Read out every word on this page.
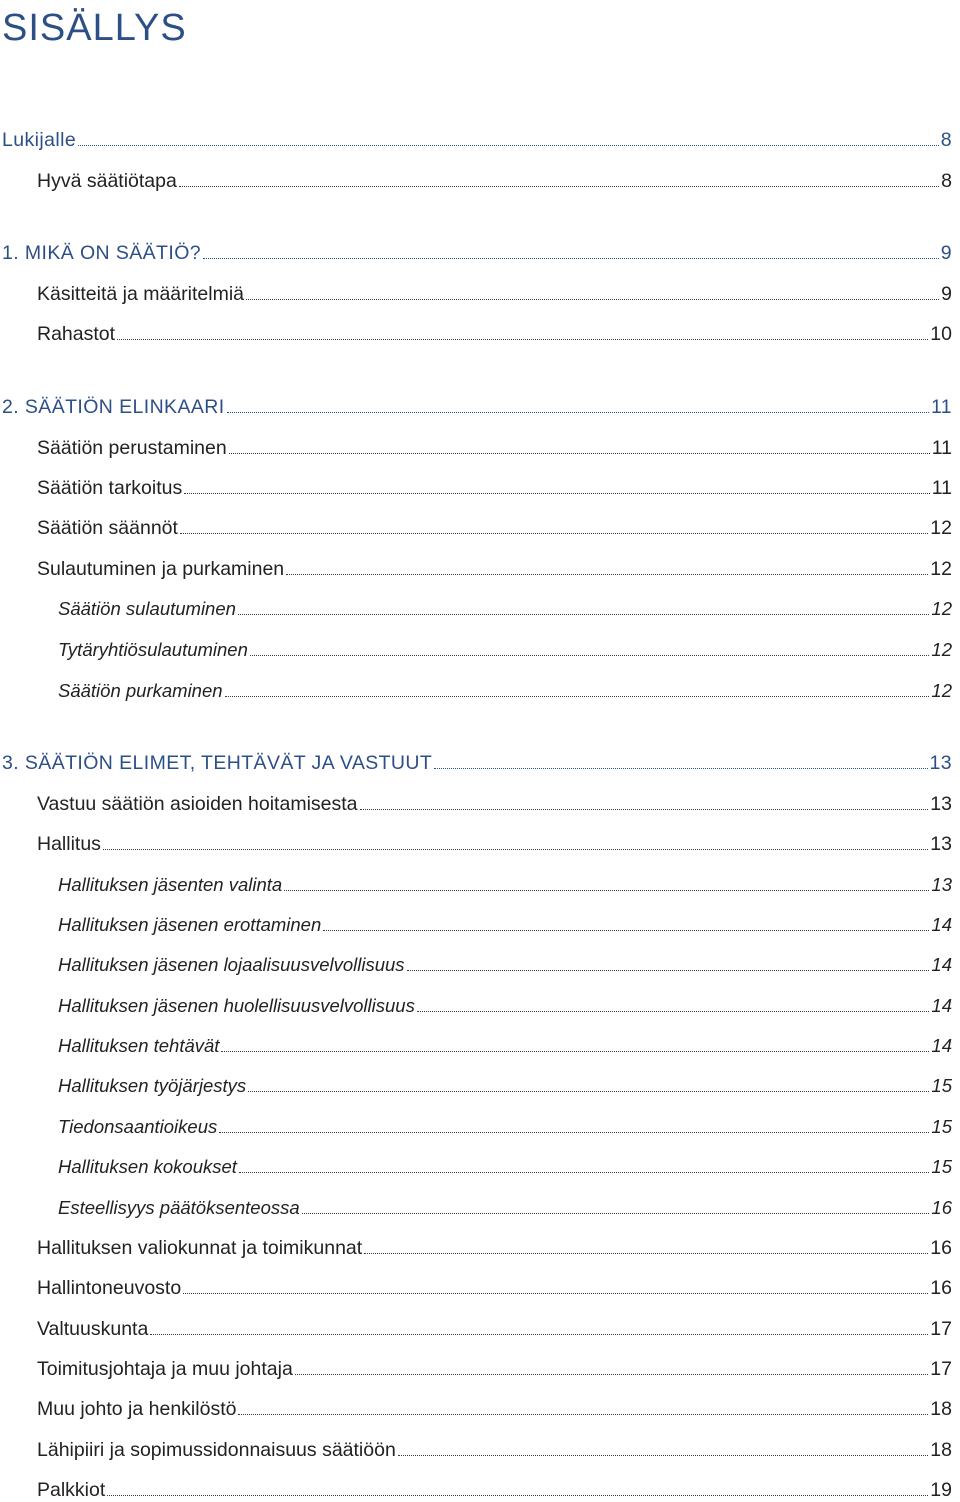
SISÄLLYS
Lukijalle	8
Hyvä säätiötapa	8
1. MIKÄ ON SÄÄTIÖ?	9
Käsitteitä ja määritelmiä	9
Rahastot	10
2. SÄÄTIÖN ELINKAARI	11
Säätiön perustaminen	11
Säätiön tarkoitus	11
Säätiön säännöt	12
Sulautuminen ja purkaminen	12
Säätiön sulautuminen	12
Tytäryhtiösulautuminen	12
Säätiön purkaminen	12
3. SÄÄTIÖN ELIMET, TEHTÄVÄT JA VASTUUT	13
Vastuu säätiön asioiden hoitamisesta	13
Hallitus	13
Hallituksen jäsenten valinta	13
Hallituksen jäsenen erottaminen	14
Hallituksen jäsenen lojaalisuusvelvollisuus	14
Hallituksen jäsenen huolellisuusvelvollisuus	14
Hallituksen tehtävät	14
Hallituksen työjärjestys	15
Tiedonsaantioikeus	15
Hallituksen kokoukset	15
Esteellisyys päätöksenteossa	16
Hallituksen valiokunnat ja toimikunnat	16
Hallintoneuvosto	16
Valtuuskunta	17
Toimitusjohtaja ja muu johtaja	17
Muu johto ja henkilöstö	18
Lähipiiri ja sopimussidonnaisuus säätiöön	18
Palkkiot	19
